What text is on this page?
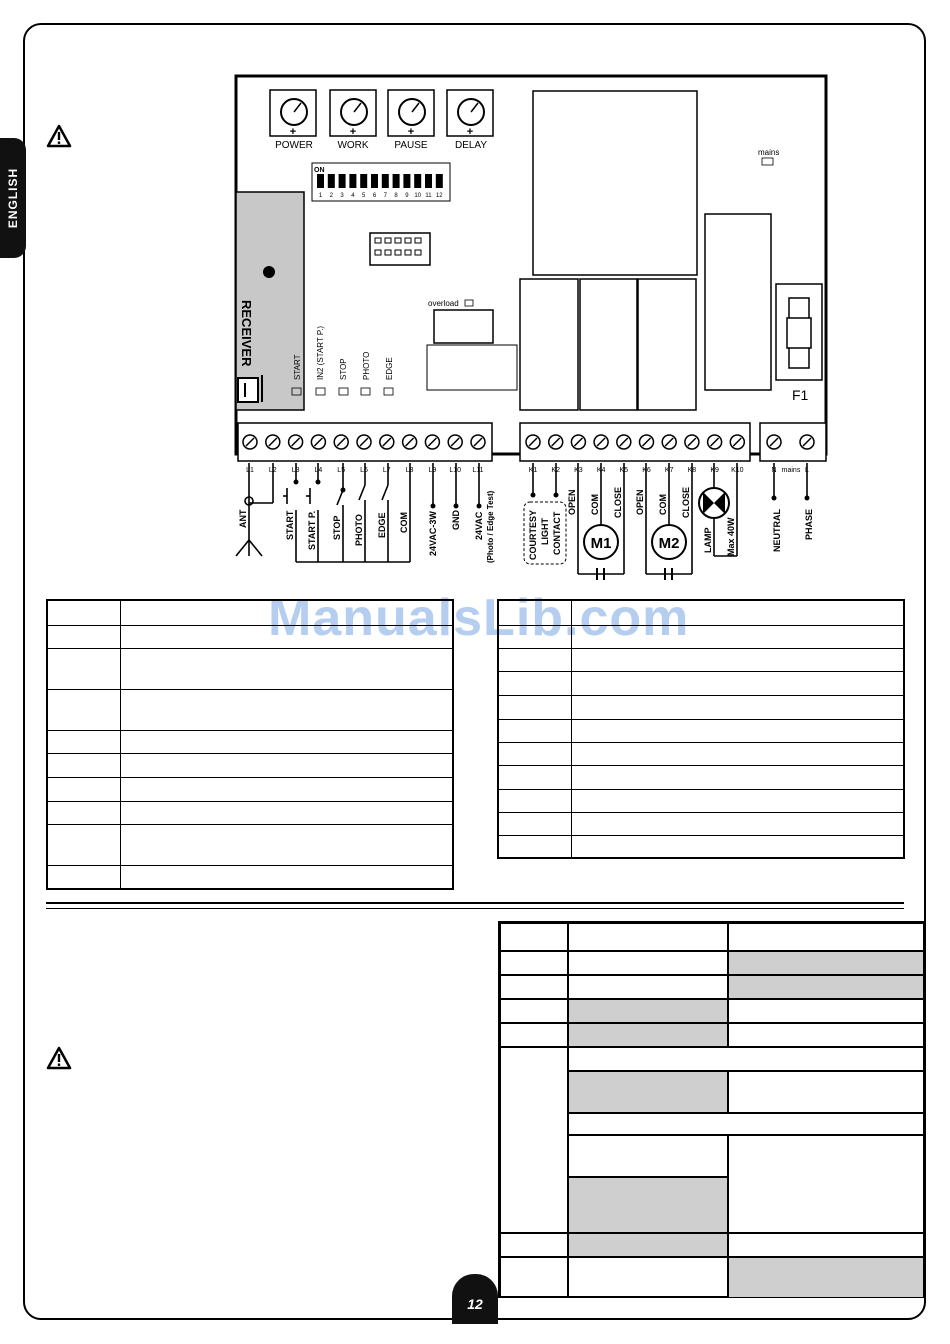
ENGLISH
+	+	+	+
POWER WORK	PAUSE	DELAY
ON
1 2 3 4 5 6 7 8 9 10 11 12
RECEIVER	overload
START IN2 (START P.) STOP PHOTO EDGE
mains
F1
L1 L2 L3 L4 L5 L6 L7 L8 L9 L10 L11	K1 K2 K3 K4 K5 K6 K7 K8 K9 K10	N mains L
M1	M2
ANT	START START P. STOP PHOTO EDGE COM 24VAC-3W GND 24VAC (Photo / Edge Test)	COURTESY LIGHT CONTACT
OPEN COM CLOSE OPEN COM CLOSE
LAMP Max 40W	NEUTRAL PHASE
ManualsLib.com
12
